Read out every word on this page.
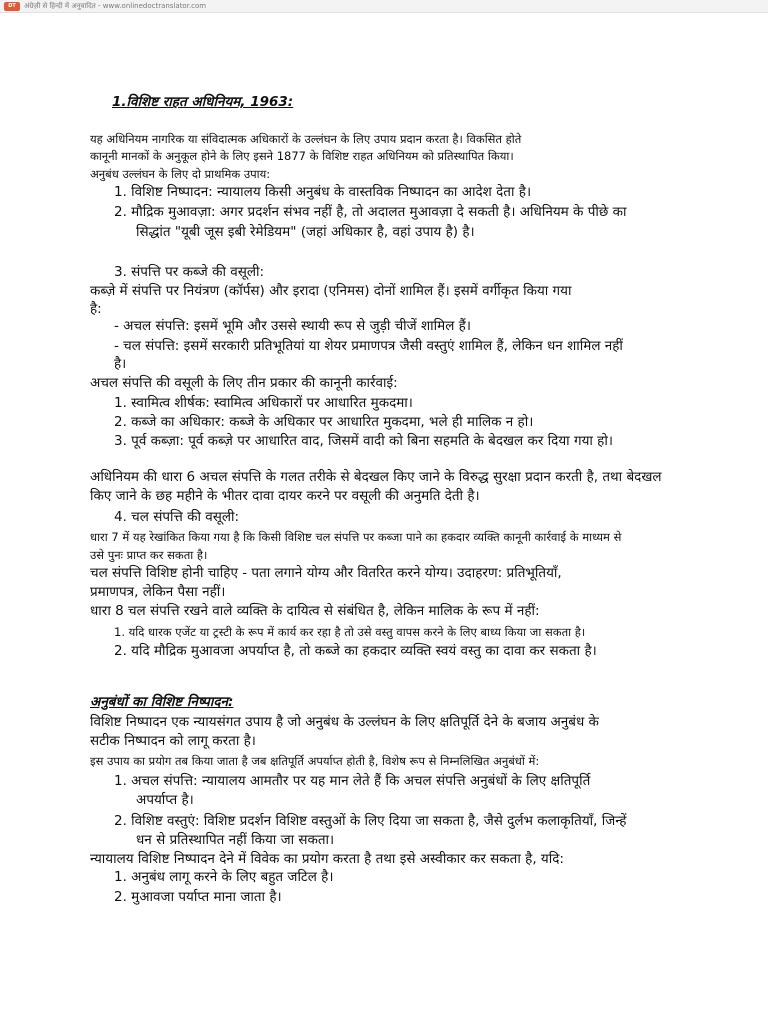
DT	अंग्रेज़ी से हिन्दी में अनुवादित - www.onlinedoctranslator.com
1.विशिष्ट राहत अधिनियम, 1963:
यह अधिनियम नागरिक या संविदात्मक अधिकारों के उल्लंघन के लिए उपाय प्रदान करता है। विकसित होते
कानूनी मानकों के अनुकूल होने के लिए इसने 1877 के विशिष्ट राहत अधिनियम को प्रतिस्थापित किया।
अनुबंध उल्लंघन के लिए दो प्राथमिक उपाय:
1. विशिष्ट निष्पादन: न्यायालय किसी अनुबंध के वास्तविक निष्पादन का आदेश देता है।
2. मौद्रिक मुआवज़ा: अगर प्रदर्शन संभव नहीं है, तो अदालत मुआवज़ा दे सकती है। अधिनियम के पीछे का
सिद्धांत "यूबी जूस इबी रेमेडियम" (जहां अधिकार है, वहां उपाय है) है।
3. संपत्ति पर कब्जे की वसूली:
कब्ज़े में संपत्ति पर नियंत्रण (कॉर्पस) और इरादा (एनिमस) दोनों शामिल हैं। इसमें वर्गीकृत किया गया
है:
- अचल संपत्ति: इसमें भूमि और उससे स्थायी रूप से जुड़ी चीजें शामिल हैं।
- चल संपत्ति: इसमें सरकारी प्रतिभूतियां या शेयर प्रमाणपत्र जैसी वस्तुएं शामिल हैं, लेकिन धन शामिल नहीं
है।
अचल संपत्ति की वसूली के लिए तीन प्रकार की कानूनी कार्रवाई:
1. स्वामित्व शीर्षक: स्वामित्व अधिकारों पर आधारित मुकदमा।
2. कब्जे का अधिकार: कब्जे के अधिकार पर आधारित मुकदमा, भले ही मालिक न हो।
3. पूर्व कब्ज़ा: पूर्व कब्ज़े पर आधारित वाद, जिसमें वादी को बिना सहमति के बेदखल कर दिया गया हो।
अधिनियम की धारा 6 अचल संपत्ति के गलत तरीके से बेदखल किए जाने के विरुद्ध सुरक्षा प्रदान करती है, तथा बेदखल
किए जाने के छह महीने के भीतर दावा दायर करने पर वसूली की अनुमति देती है।
4. चल संपत्ति की वसूली:
धारा 7 में यह रेखांकित किया गया है कि किसी विशिष्ट चल संपत्ति पर कब्जा पाने का हकदार व्यक्ति कानूनी कार्रवाई के माध्यम से
उसे पुनः प्राप्त कर सकता है।
चल संपत्ति विशिष्ट होनी चाहिए - पता लगाने योग्य और वितरित करने योग्य। उदाहरण: प्रतिभूतियाँ,
प्रमाणपत्र, लेकिन पैसा नहीं।
धारा 8 चल संपत्ति रखने वाले व्यक्ति के दायित्व से संबंधित है, लेकिन मालिक के रूप में नहीं:
1. यदि धारक एजेंट या ट्रस्टी के रूप में कार्य कर रहा है तो उसे वस्तु वापस करने के लिए बाध्य किया जा सकता है।
2. यदि मौद्रिक मुआवजा अपर्याप्त है, तो कब्जे का हकदार व्यक्ति स्वयं वस्तु का दावा कर सकता है।
अनुबंधों का विशिष्ट निष्पादन:
विशिष्ट निष्पादन एक न्यायसंगत उपाय है जो अनुबंध के उल्लंघन के लिए क्षतिपूर्ति देने के बजाय अनुबंध के
सटीक निष्पादन को लागू करता है।
इस उपाय का प्रयोग तब किया जाता है जब क्षतिपूर्ति अपर्याप्त होती है, विशेष रूप से निम्नलिखित अनुबंधों में:
1. अचल संपत्ति: न्यायालय आमतौर पर यह मान लेते हैं कि अचल संपत्ति अनुबंधों के लिए क्षतिपूर्ति
अपर्याप्त है।
2. विशिष्ट वस्तुएं: विशिष्ट प्रदर्शन विशिष्ट वस्तुओं के लिए दिया जा सकता है, जैसे दुर्लभ कलाकृतियाँ, जिन्हें
धन से प्रतिस्थापित नहीं किया जा सकता।
न्यायालय विशिष्ट निष्पादन देने में विवेक का प्रयोग करता है तथा इसे अस्वीकार कर सकता है, यदि:
1. अनुबंध लागू करने के लिए बहुत जटिल है।
2. मुआवजा पर्याप्त माना जाता है।
